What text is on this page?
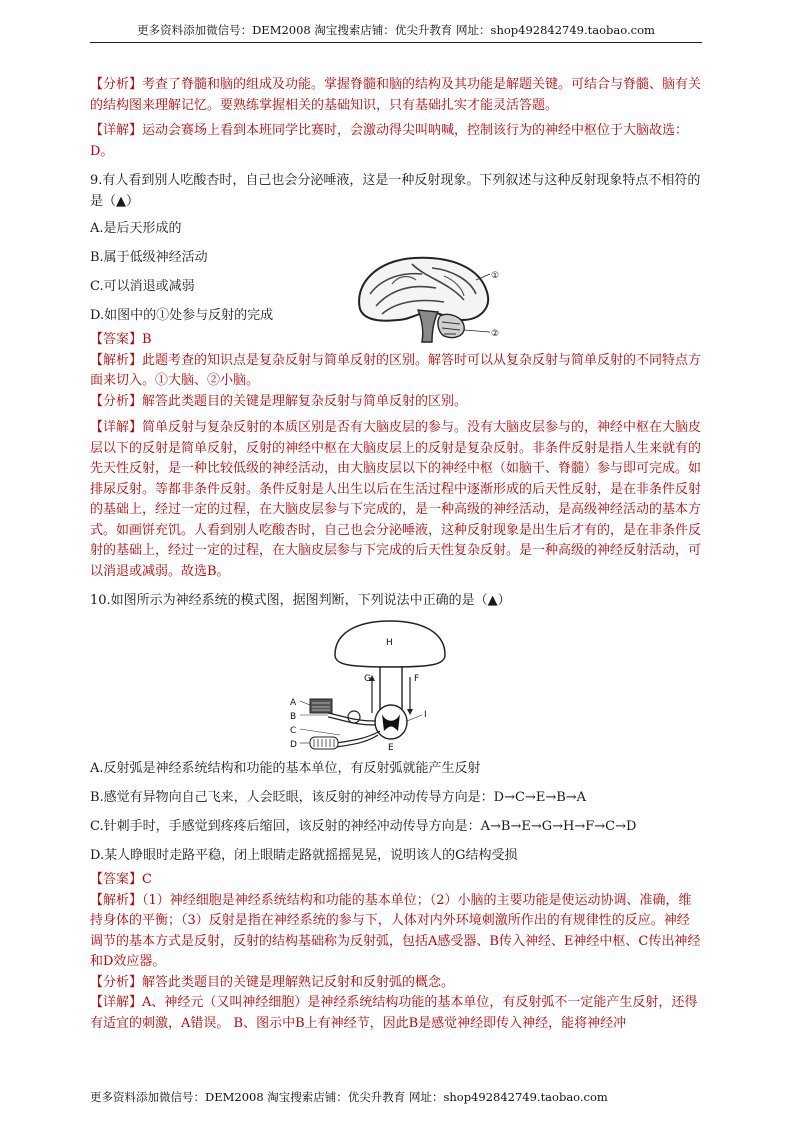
更多资料添加微信号：DEM2008 淘宝搜索店铺：优尖升教育 网址：shop492842749.taobao.com

【分析】考查了脊髓和脑的组成及功能。掌握脊髓和脑的结构及其功能是解题关键。可结合与脊髓、脑有关的结构图来理解记忆。要熟练掌握相关的基础知识，只有基础扎实才能灵活答题。

【详解】运动会赛场上看到本班同学比赛时，会激动得尖叫呐喊，控制该行为的神经中枢位于大脑故选：D。

9.有人看到别人吃酸杏时，自己也会分泌唾液，这是一种反射现象。下列叙述与这种反射现象特点不相符的是（▲）

A.是后天形成的

B.属于低级神经活动

C.可以消退或减弱

D.如图中的①处参与反射的完成

①
②

【答案】B

【解析】此题考查的知识点是复杂反射与简单反射的区别。解答时可以从复杂反射与简单反射的不同特点方面来切入。①大脑、②小脑。

【分析】解答此类题目的关键是理解复杂反射与简单反射的区别。

【详解】简单反射与复杂反射的本质区别是否有大脑皮层的参与。没有大脑皮层参与的，神经中枢在大脑皮层以下的反射是简单反射，反射的神经中枢在大脑皮层上的反射是复杂反射。非条件反射是指人生来就有的先天性反射，是一种比较低级的神经活动，由大脑皮层以下的神经中枢（如脑干、脊髓）参与即可完成。如排尿反射。等都非条件反射。条件反射是人出生以后在生活过程中逐渐形成的后天性反射，是在非条件反射的基础上，经过一定的过程，在大脑皮层参与下完成的，是一种高级的神经活动，是高级神经活动的基本方式。如画饼充饥。人看到别人吃酸杏时，自己也会分泌唾液，这种反射现象是出生后才有的，是在非条件反射的基础上，经过一定的过程，在大脑皮层参与下完成的后天性复杂反射。是一种高级的神经反射活动，可以消退或减弱。故选B。

10.如图所示为神经系统的模式图，据图判断，下列说法中正确的是（▲）

H
G	F
A
B
C
D	E
I

A.反射弧是神经系统结构和功能的基本单位，有反射弧就能产生反射

B.感觉有异物向自己飞来，人会眨眼，该反射的神经冲动传导方向是：D→C→E→B→A

C.针刺手时，手感觉到疼疼后缩回，该反射的神经冲动传导方向是：A→B→E→G→H→F→C→D

D.某人睁眼时走路平稳，闭上眼睛走路就摇摇晃晃，说明该人的G结构受损

【答案】C

【解析】（1）神经细胞是神经系统结构和功能的基本单位；（2）小脑的主要功能是使运动协调、准确，维持身体的平衡；（3）反射是指在神经系统的参与下，人体对内外环境刺激所作出的有规律性的反应。神经调节的基本方式是反射，反射的结构基础称为反射弧，包括A感受器、B传入神经、E神经中枢、C传出神经和D效应器。

【分析】解答此类题目的关键是理解熟记反射和反射弧的概念。

【详解】A、神经元（又叫神经细胞）是神经系统结构功能的基本单位，有反射弧不一定能产生反射，还得有适宜的刺激，A错误。 B、图示中B上有神经节，因此B是感觉神经即传入神经，能将神经冲

更多资料添加微信号：DEM2008 淘宝搜索店铺：优尖升教育 网址：shop492842749.taobao.com
